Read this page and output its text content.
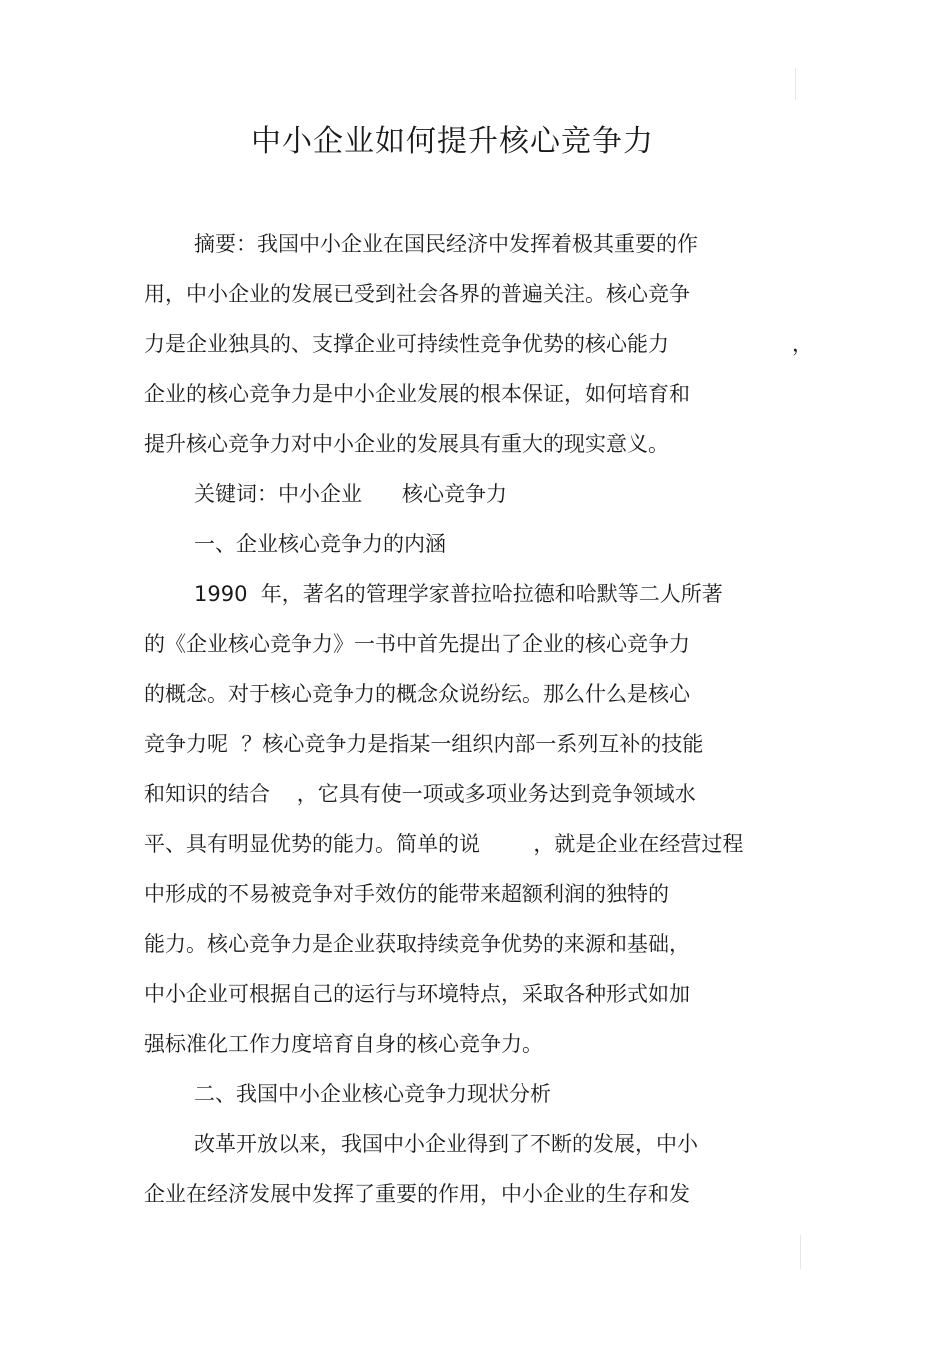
中小企业如何提升核心竞争力
摘要：我国中小企业在国民经济中发挥着极其重要的作
用，中小企业的发展已受到社会各界的普遍关注。核心竞争
力是企业独具的、支撑企业可持续性竞争优势的核心能力	，
企业的核心竞争力是中小企业发展的根本保证，如何培育和
提升核心竞争力对中小企业的发展具有重大的现实意义。
关键词：中小企业      核心竞争力
一、企业核心竞争力的内涵
1990  年，著名的管理学家普拉哈拉德和哈默等二人所著
的《企业核心竞争力》一书中首先提出了企业的核心竞争力
的概念。对于核心竞争力的概念众说纷纭。那么什么是核心
竞争力呢  ？核心竞争力是指某一组织内部一系列互补的技能
和知识的结合    ，它具有使一项或多项业务达到竞争领域水
平、具有明显优势的能力。简单的说        ，就是企业在经营过程
中形成的不易被竞争对手效仿的能带来超额利润的独特的
能力。核心竞争力是企业获取持续竞争优势的来源和基础，
中小企业可根据自己的运行与环境特点，采取各种形式如加
强标准化工作力度培育自身的核心竞争力。
二、我国中小企业核心竞争力现状分析
改革开放以来，我国中小企业得到了不断的发展，中小
企业在经济发展中发挥了重要的作用，中小企业的生存和发
